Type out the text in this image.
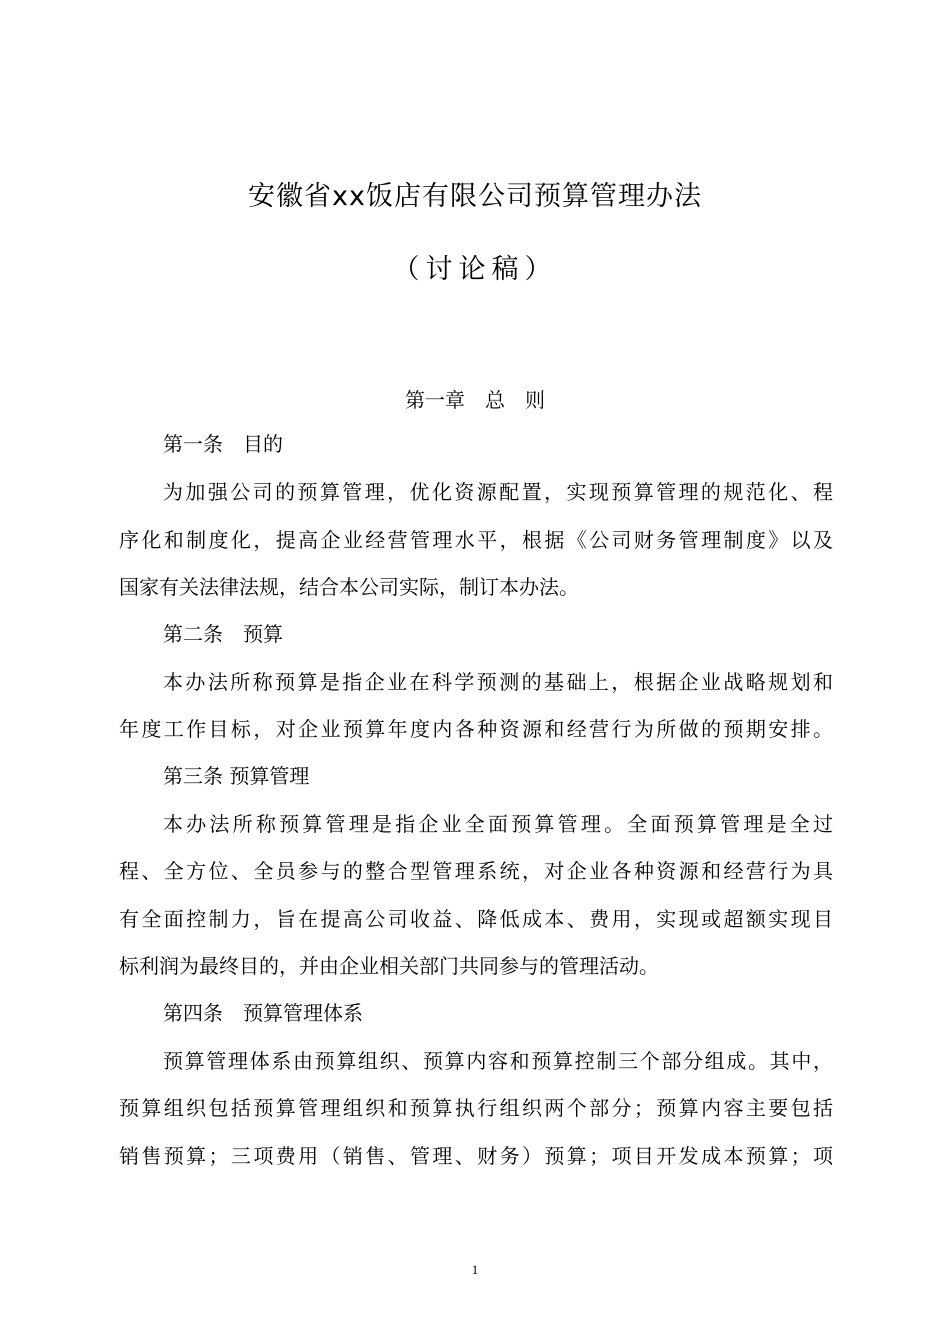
安徽省xx饭店有限公司预算管理办法
（讨论稿）
第一章　总　则
第一条　目的
为加强公司的预算管理，优化资源配置，实现预算管理的规范化、程
序化和制度化，提高企业经营管理水平，根据《公司财务管理制度》以及
国家有关法律法规，结合本公司实际，制订本办法。
第二条　预算
本办法所称预算是指企业在科学预测的基础上，根据企业战略规划和
年度工作目标，对企业预算年度内各种资源和经营行为所做的预期安排。
第三条 预算管理
本办法所称预算管理是指企业全面预算管理。全面预算管理是全过
程、全方位、全员参与的整合型管理系统，对企业各种资源和经营行为具
有全面控制力，旨在提高公司收益、降低成本、费用，实现或超额实现目
标利润为最终目的，并由企业相关部门共同参与的管理活动。
第四条　预算管理体系
预算管理体系由预算组织、预算内容和预算控制三个部分组成。其中，
预算组织包括预算管理组织和预算执行组织两个部分；预算内容主要包括
销售预算；三项费用（销售、管理、财务）预算；项目开发成本预算；项
1
